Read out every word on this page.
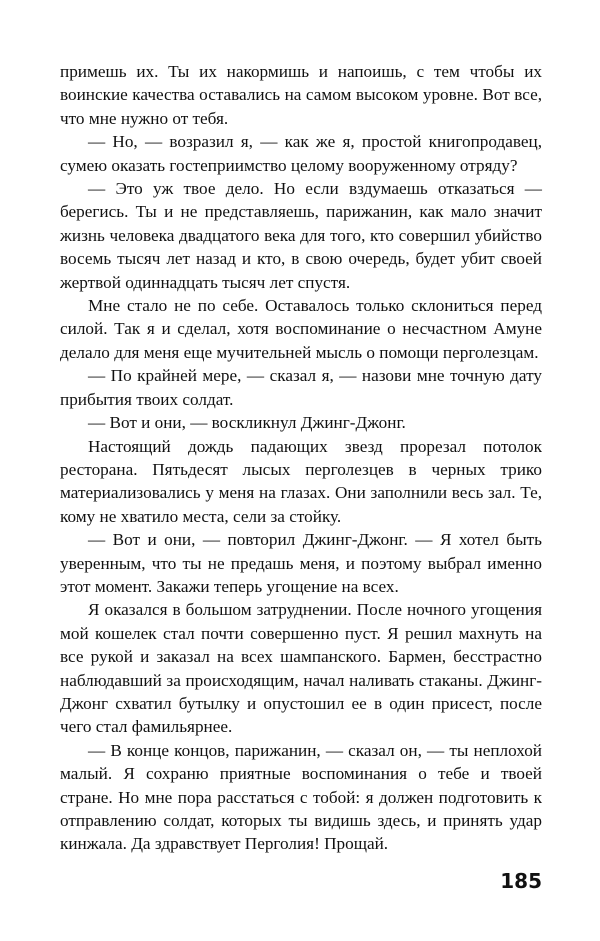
примешь их. Ты их накормишь и напоишь, с тем чтобы их воинские качества оставались на самом высоком уровне. Вот все, что мне нужно от тебя.

— Но, — возразил я, — как же я, простой книгопродавец, сумею оказать гостеприимство целому вооруженному отряду?

— Это уж твое дело. Но если вздумаешь отказаться — берегись. Ты и не представляешь, парижанин, как мало значит жизнь человека двадцатого века для того, кто совершил убийство восемь тысяч лет назад и кто, в свою очередь, будет убит своей жертвой одиннадцать тысяч лет спустя.

Мне стало не по себе. Оставалось только склониться перед силой. Так я и сделал, хотя воспоминание о несчастном Амуне делало для меня еще мучительней мысль о помощи перголезцам.

— По крайней мере, — сказал я, — назови мне точную дату прибытия твоих солдат.

— Вот и они, — воскликнул Джинг-Джонг.

Настоящий дождь падающих звезд прорезал потолок ресторана. Пятьдесят лысых перголезцев в черных трико материализовались у меня на глазах. Они заполнили весь зал. Те, кому не хватило места, сели за стойку.

— Вот и они, — повторил Джинг-Джонг. — Я хотел быть уверенным, что ты не предашь меня, и поэтому выбрал именно этот момент. Закажи теперь угощение на всех.

Я оказался в большом затруднении. После ночного угощения мой кошелек стал почти совершенно пуст. Я решил махнуть на все рукой и заказал на всех шампанского. Бармен, бесстрастно наблюдавший за происходящим, начал наливать стаканы. Джинг-Джонг схватил бутылку и опустошил ее в один присест, после чего стал фамильярнее.

— В конце концов, парижанин, — сказал он, — ты неплохой малый. Я сохраню приятные воспоминания о тебе и твоей стране. Но мне пора расстаться с тобой: я должен подготовить к отправлению солдат, которых ты видишь здесь, и принять удар кинжала. Да здравствует Перголия! Прощай.

185
